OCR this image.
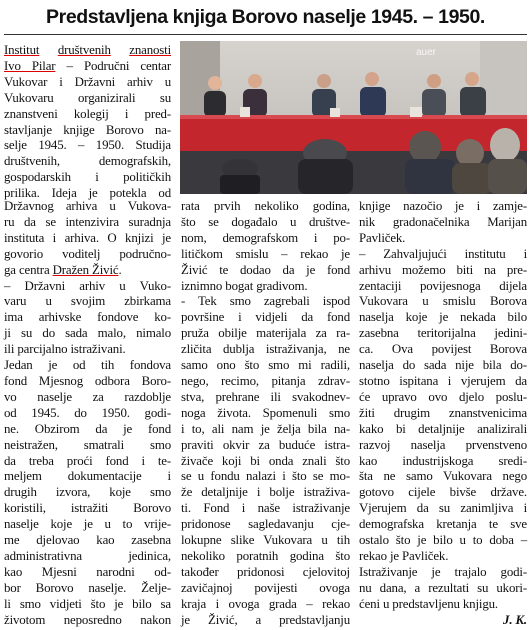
Predstavljena knjiga Borovo naselje 1945. – 1950.
auer

Institut društvenih znanosti

Ivo Pilar – Područni centar

Vukovar i Državni arhiv u

Vukovaru organizirali su

znanstveni kolegij i pred-

stavljanje knjige Borovo na-

selje 1945. – 1950. Studija

društvenih, demografskih,

gospodarskih i političkih

prilika. Ideja je potekla od

Državnog arhiva u Vukova-

ru da se intenzivira suradnja

instituta i arhiva. O knjizi je

govorio voditelj područno-

ga centra Dražen Živić.

– Državni arhiv u Vuko-

varu u svojim zbirkama

ima arhivske fondove ko-

ji su do sada malo, nimalo

ili parcijalno istraživani.

Jedan je od tih fondova

fond Mjesnog odbora Boro-

vo naselje za razdoblje

od 1945. do 1950. godi-

ne. Obzirom da je fond

neistražen, smatrali smo

da treba proći fond i te-

meljem dokumentacije i

drugih izvora, koje smo

koristili, istražiti Borovo

naselje koje je u to vrije-

me djelovao kao zasebna

administrativna jedinica,

kao Mjesni narodni od-

bor Borovo naselje. Želje-

li smo vidjeti što je bilo sa

životom neposredno nakon

rata prvih nekoliko godina,

što se događalo u društve-

nom, demografskom i po-

litičkom smislu – rekao je

Živić te dodao da je fond

iznimno bogat gradivom.

- Tek smo zagrebali ispod

površine i vidjeli da fond

pruža obilje materijala za ra-

zličita dublja istraživanja, ne

samo ono što smo mi radili,

nego, recimo, pitanja zdrav-

stva, prehrane ili svakodnev-

noga života. Spomenuli smo

i to, ali nam je želja bila na-

praviti okvir za buduće istra-

živače koji bi onda znali što

se u fondu nalazi i što se mo-

že detaljnije i bolje istraživa-

ti. Fond i naše istraživanje

pridonose sagledavanju cje-

lokupne slike Vukovara u tih

nekoliko poratnih godina što

također pridonosi cjelovitoj

zavičajnoj povijesti ovoga

kraja i ovoga grada – rekao

je Živić, a predstavljanju

knjige nazočio je i zamje-

nik gradonačelnika Marijan

Pavliček.

– Zahvaljujući institutu i

arhivu možemo biti na pre-

zentaciji povijesnoga dijela

Vukovara u smislu Borova

naselja koje je nekada bilo

zasebna teritorijalna jedini-

ca. Ova povijest Borova

naselja do sada nije bila do-

stotno ispitana i vjerujem da

će upravo ovo djelo poslu-

žiti drugim znanstvenicima

kako bi detaljnije analizirali

razvoj naselja prvenstveno

kao industrijskoga sredi-

šta ne samo Vukovara nego

gotovo cijele bivše države.

Vjerujem da su zanimljiva i

demografska kretanja te sve

ostalo što je bilo u to doba –

rekao je Pavliček.

Istraživanje je trajalo godi-

nu dana, a rezultati su ukori-

ćeni u predstavljenu knjigu.

J. K.
